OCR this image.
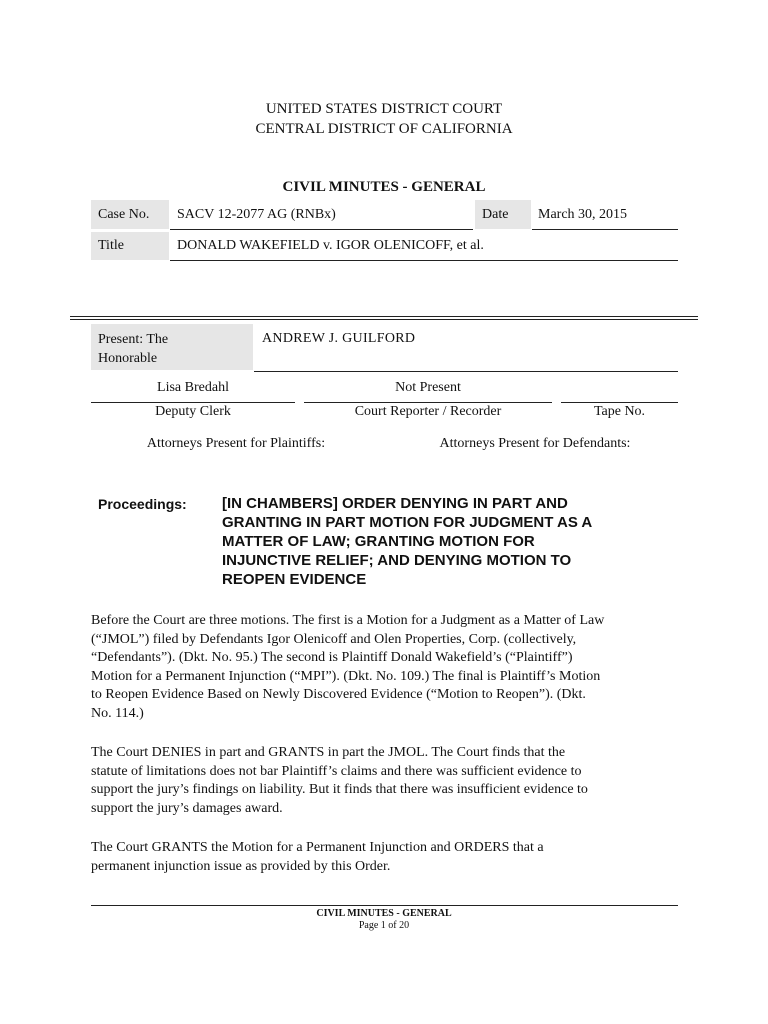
UNITED STATES DISTRICT COURT
CENTRAL DISTRICT OF CALIFORNIA
CIVIL MINUTES - GENERAL
Case No. SACV 12-2077 AG (RNBx)	Date March 30, 2015
Title	DONALD WAKEFIELD v. IGOR OLENICOFF, et al.
Present: The Honorable
ANDREW J. GUILFORD
Lisa Bredahl	Not Present
Deputy Clerk	Court Reporter / Recorder	Tape No.
Attorneys Present for Plaintiffs:	Attorneys Present for Defendants:
Proceedings: [IN CHAMBERS] ORDER DENYING IN PART AND
GRANTING IN PART MOTION FOR JUDGMENT AS A
MATTER OF LAW; GRANTING MOTION FOR
INJUNCTIVE RELIEF; AND DENYING MOTION TO
REOPEN EVIDENCE
Before the Court are three motions. The first is a Motion for a Judgment as a Matter of Law
(“JMOL”) filed by Defendants Igor Olenicoff and Olen Properties, Corp. (collectively,
“Defendants”). (Dkt. No. 95.) The second is Plaintiff Donald Wakefield’s (“Plaintiff”)
Motion for a Permanent Injunction (“MPI”). (Dkt. No. 109.) The final is Plaintiff’s Motion
to Reopen Evidence Based on Newly Discovered Evidence (“Motion to Reopen”). (Dkt.
No. 114.)
The Court DENIES in part and GRANTS in part the JMOL. The Court finds that the
statute of limitations does not bar Plaintiff’s claims and there was sufficient evidence to
support the jury’s findings on liability. But it finds that there was insufficient evidence to
support the jury’s damages award.
The Court GRANTS the Motion for a Permanent Injunction and ORDERS that a
permanent injunction issue as provided by this Order.
CIVIL MINUTES - GENERAL
Page 1 of 20
